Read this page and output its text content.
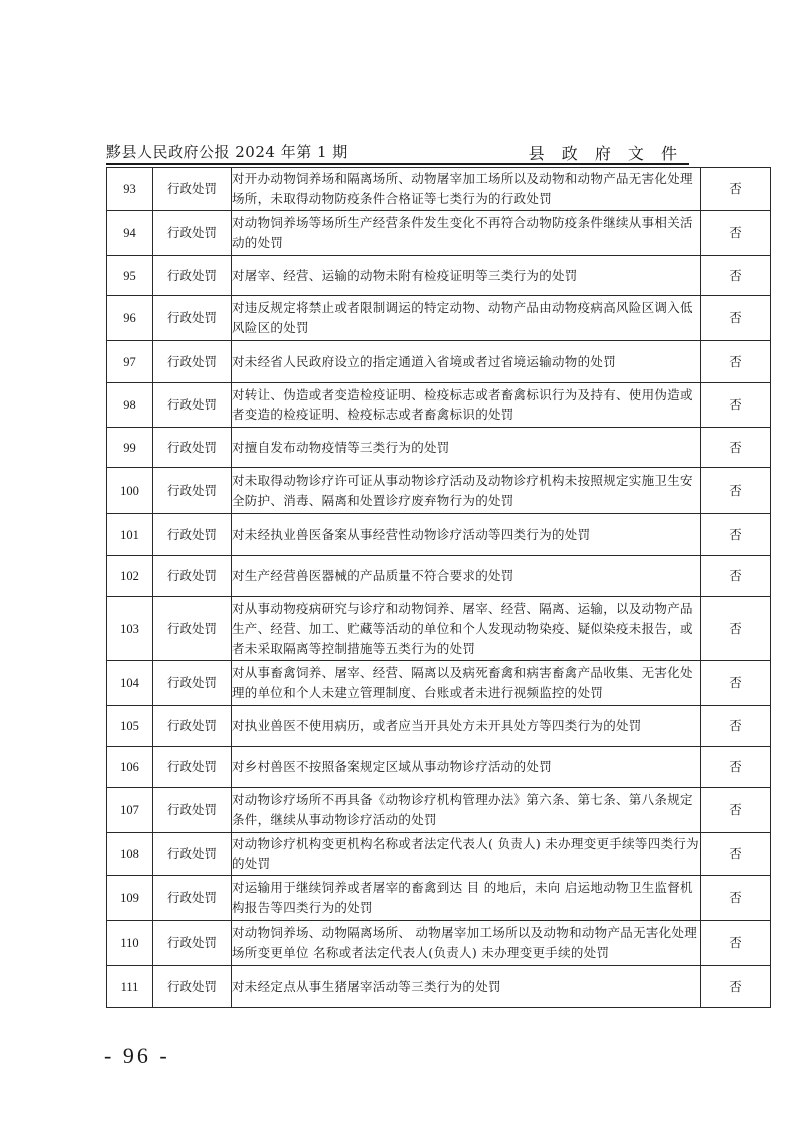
黟县人民政府公报 2024 年第 1 期	县 政 府 文 件
93	行政处罚	对开办动物饲养场和隔离场所、动物屠宰加工场所以及动物和动物产品无害化处理场所，未取得动物防疫条件合格证等七类行为的行政处罚	否
94	行政处罚	对动物饲养场等场所生产经营条件发生变化不再符合动物防疫条件继续从事相关活动的处罚	否
95	行政处罚	对屠宰、经营、运输的动物未附有检疫证明等三类行为的处罚	否
96	行政处罚	对违反规定将禁止或者限制调运的特定动物、动物产品由动物疫病高风险区调入低风险区的处罚	否
97	行政处罚	对未经省人民政府设立的指定通道入省境或者过省境运输动物的处罚	否
98	行政处罚	对转让、伪造或者变造检疫证明、检疫标志或者畜禽标识行为及持有、使用伪造或者变造的检疫证明、检疫标志或者畜禽标识的处罚	否
99	行政处罚	对擅自发布动物疫情等三类行为的处罚	否
100	行政处罚	对未取得动物诊疗许可证从事动物诊疗活动及动物诊疗机构未按照规定实施卫生安全防护、消毒、隔离和处置诊疗废弃物行为的处罚	否
101	行政处罚	对未经执业兽医备案从事经营性动物诊疗活动等四类行为的处罚	否
102	行政处罚	对生产经营兽医器械的产品质量不符合要求的处罚	否
103	行政处罚	对从事动物疫病研究与诊疗和动物饲养、屠宰、经营、隔离、运输，以及动物产品生产、经营、加工、贮藏等活动的单位和个人发现动物染疫、疑似染疫未报告，或者未采取隔离等控制措施等五类行为的处罚	否
104	行政处罚	对从事畜禽饲养、屠宰、经营、隔离以及病死畜禽和病害畜禽产品收集、无害化处理的单位和个人未建立管理制度、台账或者未进行视频监控的处罚	否
105	行政处罚	对执业兽医不使用病历，或者应当开具处方未开具处方等四类行为的处罚	否
106	行政处罚	对乡村兽医不按照备案规定区域从事动物诊疗活动的处罚	否
107	行政处罚	对动物诊疗场所不再具备《动物诊疗机构管理办法》第六条、第七条、第八条规定条件，继续从事动物诊疗活动的处罚	否
108	行政处罚	对动物诊疗机构变更机构名称或者法定代表人( 负责人) 未办理变更手续等四类行为的处罚	否
109	行政处罚	对运输用于继续饲养或者屠宰的畜禽到达 目 的地后，未向 启运地动物卫生监督机构报告等四类行为的处罚	否
110	行政处罚	对动物饲养场、动物隔离场所、 动物屠宰加工场所以及动物和动物产品无害化处理场所变更单位 名称或者法定代表人(负责人) 未办理变更手续的处罚	否
111	行政处罚	对未经定点从事生猪屠宰活动等三类行为的处罚	否
- 96 -
